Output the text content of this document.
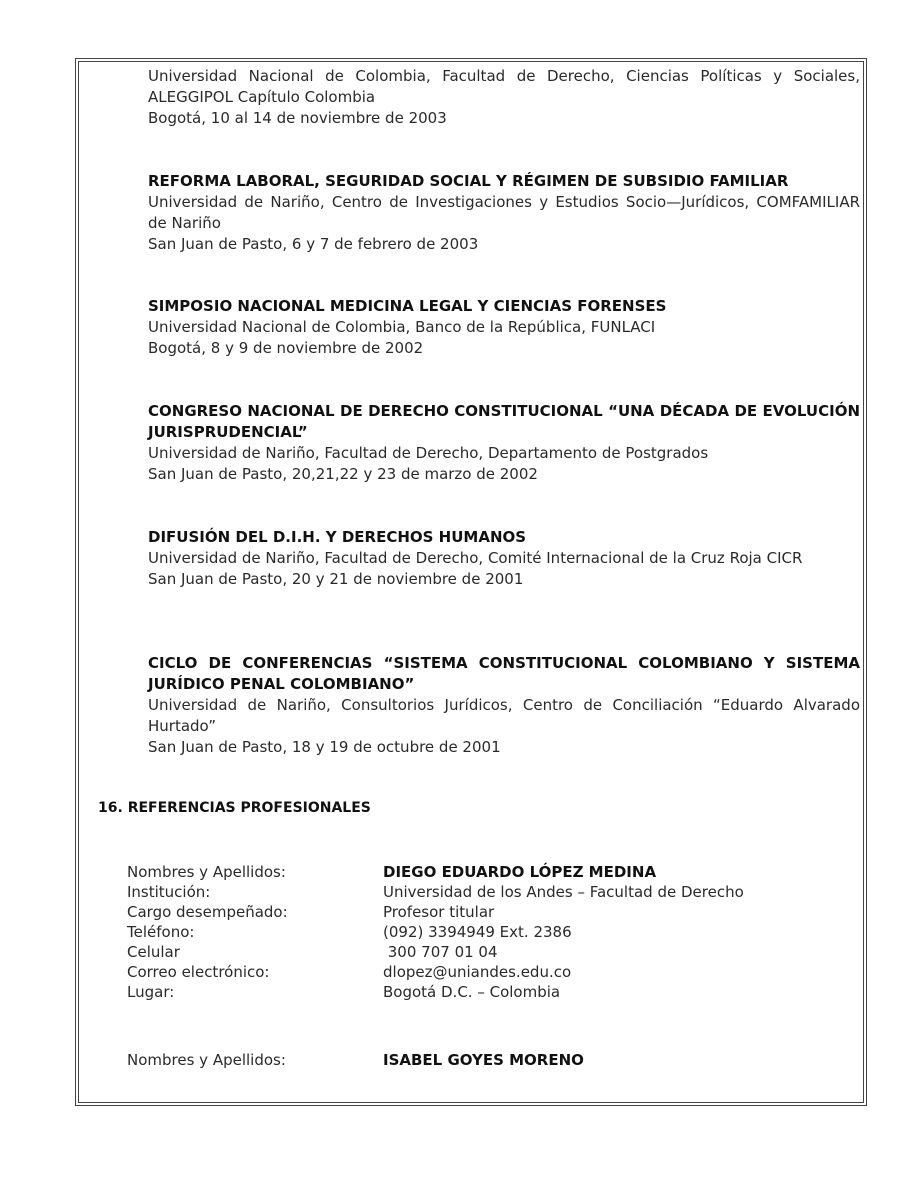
Universidad Nacional de Colombia, Facultad de Derecho, Ciencias Políticas y Sociales, ALEGGIPOL Capítulo Colombia
Bogotá, 10 al 14 de noviembre de 2003
REFORMA LABORAL, SEGURIDAD SOCIAL Y RÉGIMEN DE SUBSIDIO FAMILIAR
Universidad de Nariño, Centro de Investigaciones y Estudios Socio—Jurídicos, COMFAMILIAR de Nariño
San Juan de Pasto, 6 y 7 de febrero de 2003
SIMPOSIO NACIONAL MEDICINA LEGAL Y CIENCIAS FORENSES
Universidad Nacional de Colombia, Banco de la República, FUNLACI
Bogotá, 8 y 9 de noviembre de 2002
CONGRESO NACIONAL DE DERECHO CONSTITUCIONAL “UNA DÉCADA DE EVOLUCIÓN JURISPRUDENCIAL”
Universidad de Nariño, Facultad de Derecho, Departamento de Postgrados
San Juan de Pasto, 20,21,22 y 23 de marzo de 2002
DIFUSIÓN DEL D.I.H. Y DERECHOS HUMANOS
Universidad de Nariño, Facultad de Derecho, Comité Internacional de la Cruz Roja CICR
San Juan de Pasto, 20 y 21 de noviembre de 2001
CICLO DE CONFERENCIAS “SISTEMA CONSTITUCIONAL COLOMBIANO Y SISTEMA JURÍDICO PENAL COLOMBIANO”
Universidad de Nariño, Consultorios Jurídicos, Centro de Conciliación “Eduardo Alvarado Hurtado”
San Juan de Pasto, 18 y 19 de octubre de 2001
16. REFERENCIAS PROFESIONALES
Nombres y Apellidos:	DIEGO EDUARDO LÓPEZ MEDINA
Institución:	Universidad de los Andes – Facultad de Derecho
Cargo desempeñado:	Profesor titular
Teléfono:	(092) 3394949 Ext. 2386
Celular	300 707 01 04
Correo electrónico:	dlopez@uniandes.edu.co
Lugar:	Bogotá D.C. – Colombia
Nombres y Apellidos:	ISABEL GOYES MORENO
